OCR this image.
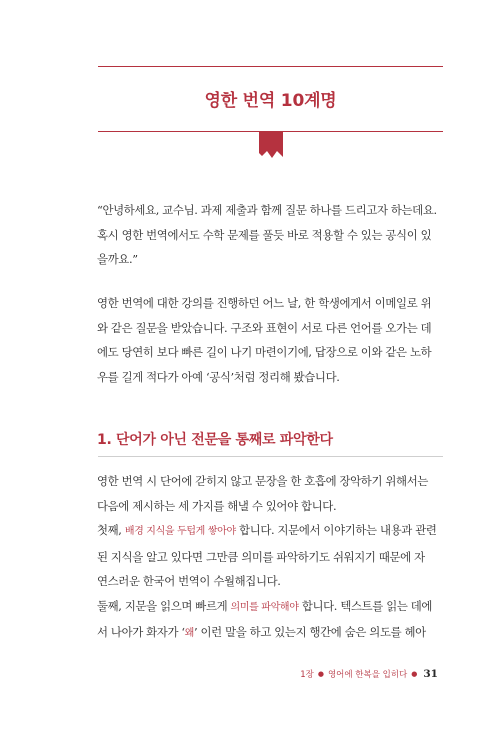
영한 번역 10계명

“안녕하세요, 교수님. 과제 제출과 함께 질문 하나를 드리고자 하는데요.
혹시 영한 번역에서도 수학 문제를 풀듯 바로 적용할 수 있는 공식이 있
을까요.”

영한 번역에 대한 강의를 진행하던 어느 날, 한 학생에게서 이메일로 위
와 같은 질문을 받았습니다. 구조와 표현이 서로 다른 언어를 오가는 데
에도 당연히 보다 빠른 길이 나기 마련이기에, 답장으로 이와 같은 노하
우를 길게 적다가 아예 ‘공식’처럼 정리해 봤습니다.

1. 단어가 아닌 전문을 통째로 파악한다

영한 번역 시 단어에 갇히지 않고 문장을 한 호흡에 장악하기 위해서는
다음에 제시하는 세 가지를 해낼 수 있어야 합니다.
첫째, 배경 지식을 두텁게 쌓아야 합니다. 지문에서 이야기하는 내용과 관련
된 지식을 알고 있다면 그만큼 의미를 파악하기도 쉬워지기 때문에 자
연스러운 한국어 번역이 수월해집니다.
둘째, 지문을 읽으며 빠르게 의미를 파악해야 합니다. 텍스트를 읽는 데에
서 나아가 화자가 ‘왜’ 이런 말을 하고 있는지 행간에 숨은 의도를 헤아

1장 ● 영어에 한복을 입히다 ● 31
